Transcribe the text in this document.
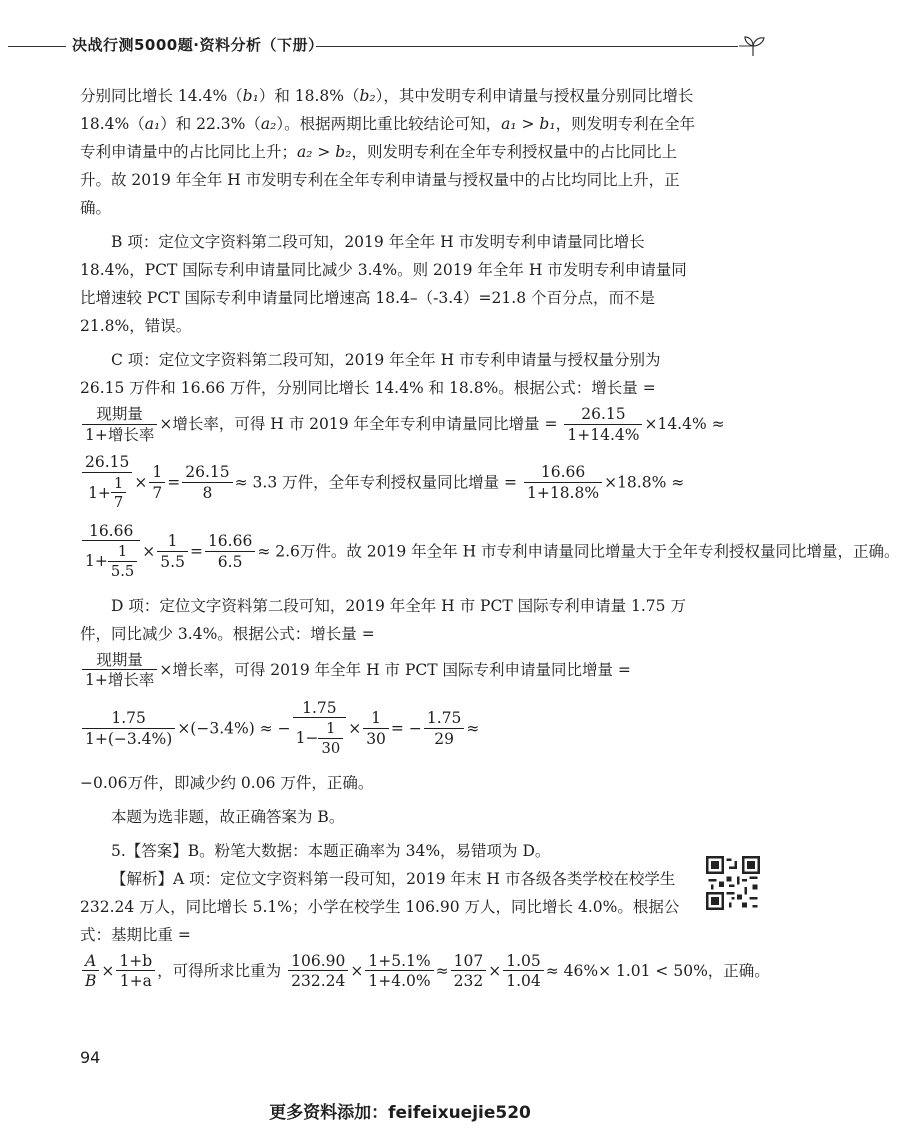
决战行测5000题·资料分析（下册）

分别同比增长 14.4%（b₁）和 18.8%（b₂），其中发明专利申请量与授权量分别同比增长 18.4%（a₁）和 22.3%（a₂）。根据两期比重比较结论可知，a₁ > b₁，则发明专利在全年专利申请量中的占比同比上升；a₂ > b₂，则发明专利在全年专利授权量中的占比同比上升。故 2019 年全年 H 市发明专利在全年专利申请量与授权量中的占比均同比上升，正确。

B 项：定位文字资料第二段可知，2019 年全年 H 市发明专利申请量同比增长 18.4%，PCT 国际专利申请量同比减少 3.4%。则 2019 年全年 H 市发明专利申请量同比增速较 PCT 国际专利申请量同比增速高 18.4–（-3.4）=21.8 个百分点，而不是 21.8%，错误。

C 项：定位文字资料第二段可知，2019 年全年 H 市专利申请量与授权量分别为 26.15 万件和 16.66 万件，分别同比增长 14.4% 和 18.8%。根据公式：增长量 =

$\frac{\text{现期量}}{\text{1+增长率}}$ ×增长率，可得 H 市 2019 年全年专利申请量同比增量 = $\frac{26.15}{1+14.4\%} \times 14.4\%$ ≈
$\frac{26.15}{1+ \frac{1}{7}} \times \frac{1}{7} = \frac{26.15}{8} \approx 3.3$ 万件，全年专利授权量同比增量 = $\frac{16.66}{1+18.8\%} \times 18.8\%$ ≈
$\frac{16.66}{1+ \frac{1}{5.5}} \times \frac{1}{5.5} = \frac{16.66}{6.5} \approx 2.6$万件。故 2019 年全年 H 市专利申请量同比增量大于全年专利授权量同比增量，正确。

D 项：定位文字资料第二段可知，2019 年全年 H 市 PCT 国际专利申请量 1.75 万件，同比减少 3.4%。根据公式：增长量 =

$\frac{\text{现期量}}{\text{1+增长率}}$ ×增长率，可得 2019 年全年 H 市 PCT 国际专利申请量同比增量 =
$\frac{1.75}{1+(-3.4\%)} \times(-3.4\%)$ ≈ − $\frac{1.75}{1- \frac{1}{30}} \times \frac{1}{30}$ = − $\frac{1.75}{29}$ ≈

−0.06万件，即减少约 0.06 万件，正确。

本题为选非题，故正确答案为 B。

5.【答案】B。粉笔大数据：本题正确率为 34%，易错项为 D。

【解析】A 项：定位文字资料第一段可知，2019 年末 H 市各级各类学校在校学生 232.24 万人，同比增长 5.1%；小学在校学生 106.90 万人，同比增长 4.0%。根据公式：基期比重 =

$\frac{A}{B} \times \frac{1+b}{1+a}$ ，可得所求比重为 $\frac{106.90}{232.24} \times \frac{1+5.1\%}{1+4.0\%} \approx \frac{107}{232} \times \frac{1.05}{1.04} \approx 46\%\times 1.01 < 50\%$，正确。
94
更多资料添加：feifeixuejie520
